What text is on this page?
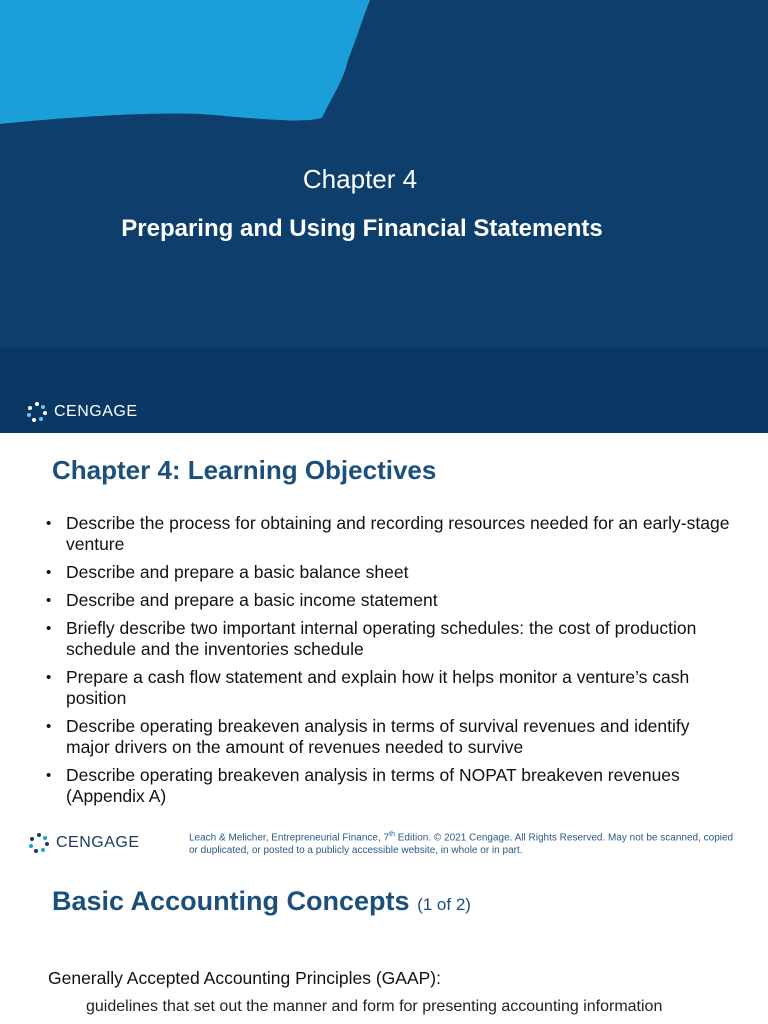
Chapter 4
Preparing and Using Financial Statements
CENGAGE
Chapter 4: Learning Objectives
• Describe the process for obtaining and recording resources needed for an early-stage venture
• Describe and prepare a basic balance sheet
• Describe and prepare a basic income statement
• Briefly describe two important internal operating schedules: the cost of production schedule and the inventories schedule
• Prepare a cash flow statement and explain how it helps monitor a venture’s cash position
• Describe operating breakeven analysis in terms of survival revenues and identify major drivers on the amount of revenues needed to survive
• Describe operating breakeven analysis in terms of NOPAT breakeven revenues (Appendix A)
CENGAGE	Leach & Melicher, Entrepreneurial Finance, 7th Edition. © 2021 Cengage. All Rights Reserved. May not be scanned, copied or duplicated, or posted to a publicly accessible website, in whole or in part.
Basic Accounting Concepts (1 of 2)
Generally Accepted Accounting Principles (GAAP):
guidelines that set out the manner and form for presenting accounting information
